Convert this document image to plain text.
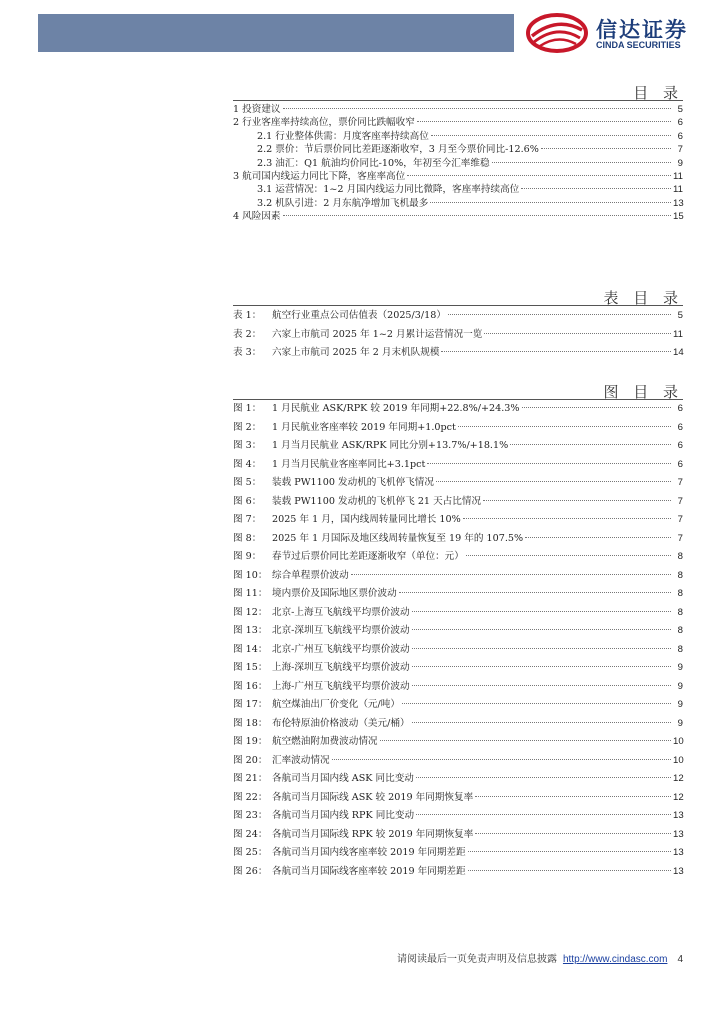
信达证券
CINDA SECURITIES
目 录
1 投资建议	5
2 行业客座率持续高位，票价同比跌幅收窄	6
2.1 行业整体供需：月度客座率持续高位	6
2.2 票价：节后票价同比差距逐渐收窄，3 月至今票价同比-12.6%	7
2.3 油汇：Q1 航油均价同比-10%，年初至今汇率维稳	9
3 航司国内线运力同比下降，客座率高位	11
3.1 运营情况：1~2 月国内线运力同比微降，客座率持续高位	11
3.2 机队引进：2 月东航净增加飞机最多	13
4 风险因素	15
表 目 录
表 1：	航空行业重点公司估值表（2025/3/18）	5
表 2：	六家上市航司 2025 年 1~2 月累计运营情况一览	11
表 3：	六家上市航司 2025 年 2 月末机队规模	14
图 目 录
图 1：	1 月民航业 ASK/RPK 较 2019 年同期+22.8%/+24.3%	6
图 2：	1 月民航业客座率较 2019 年同期+1.0pct	6
图 3：	1 月当月民航业 ASK/RPK 同比分别+13.7%/+18.1%	6
图 4：	1 月当月民航业客座率同比+3.1pct	6
图 5：	装载 PW1100 发动机的飞机停飞情况	7
图 6：	装载 PW1100 发动机的飞机停飞 21 天占比情况	7
图 7：	2025 年 1 月，国内线周转量同比增长 10%	7
图 8：	2025 年 1 月国际及地区线周转量恢复至 19 年的 107.5%	7
图 9：	春节过后票价同比差距逐渐收窄（单位：元）	8
图 10： 综合单程票价波动	8
图 11： 境内票价及国际地区票价波动	8
图 12： 北京-上海互飞航线平均票价波动	8
图 13： 北京-深圳互飞航线平均票价波动	8
图 14： 北京-广州互飞航线平均票价波动	8
图 15： 上海-深圳互飞航线平均票价波动	9
图 16： 上海-广州互飞航线平均票价波动	9
图 17： 航空煤油出厂价变化（元/吨）	9
图 18： 布伦特原油价格波动（美元/桶）	9
图 19： 航空燃油附加费波动情况	10
图 20： 汇率波动情况	10
图 21： 各航司当月国内线 ASK 同比变动	12
图 22： 各航司当月国际线 ASK 较 2019 年同期恢复率	12
图 23： 各航司当月国内线 RPK 同比变动	13
图 24： 各航司当月国际线 RPK 较 2019 年同期恢复率	13
图 25： 各航司当月国内线客座率较 2019 年同期差距	13
图 26： 各航司当月国际线客座率较 2019 年同期差距	13
请阅读最后一页免责声明及信息披露 http://www.cindasc.com 4
